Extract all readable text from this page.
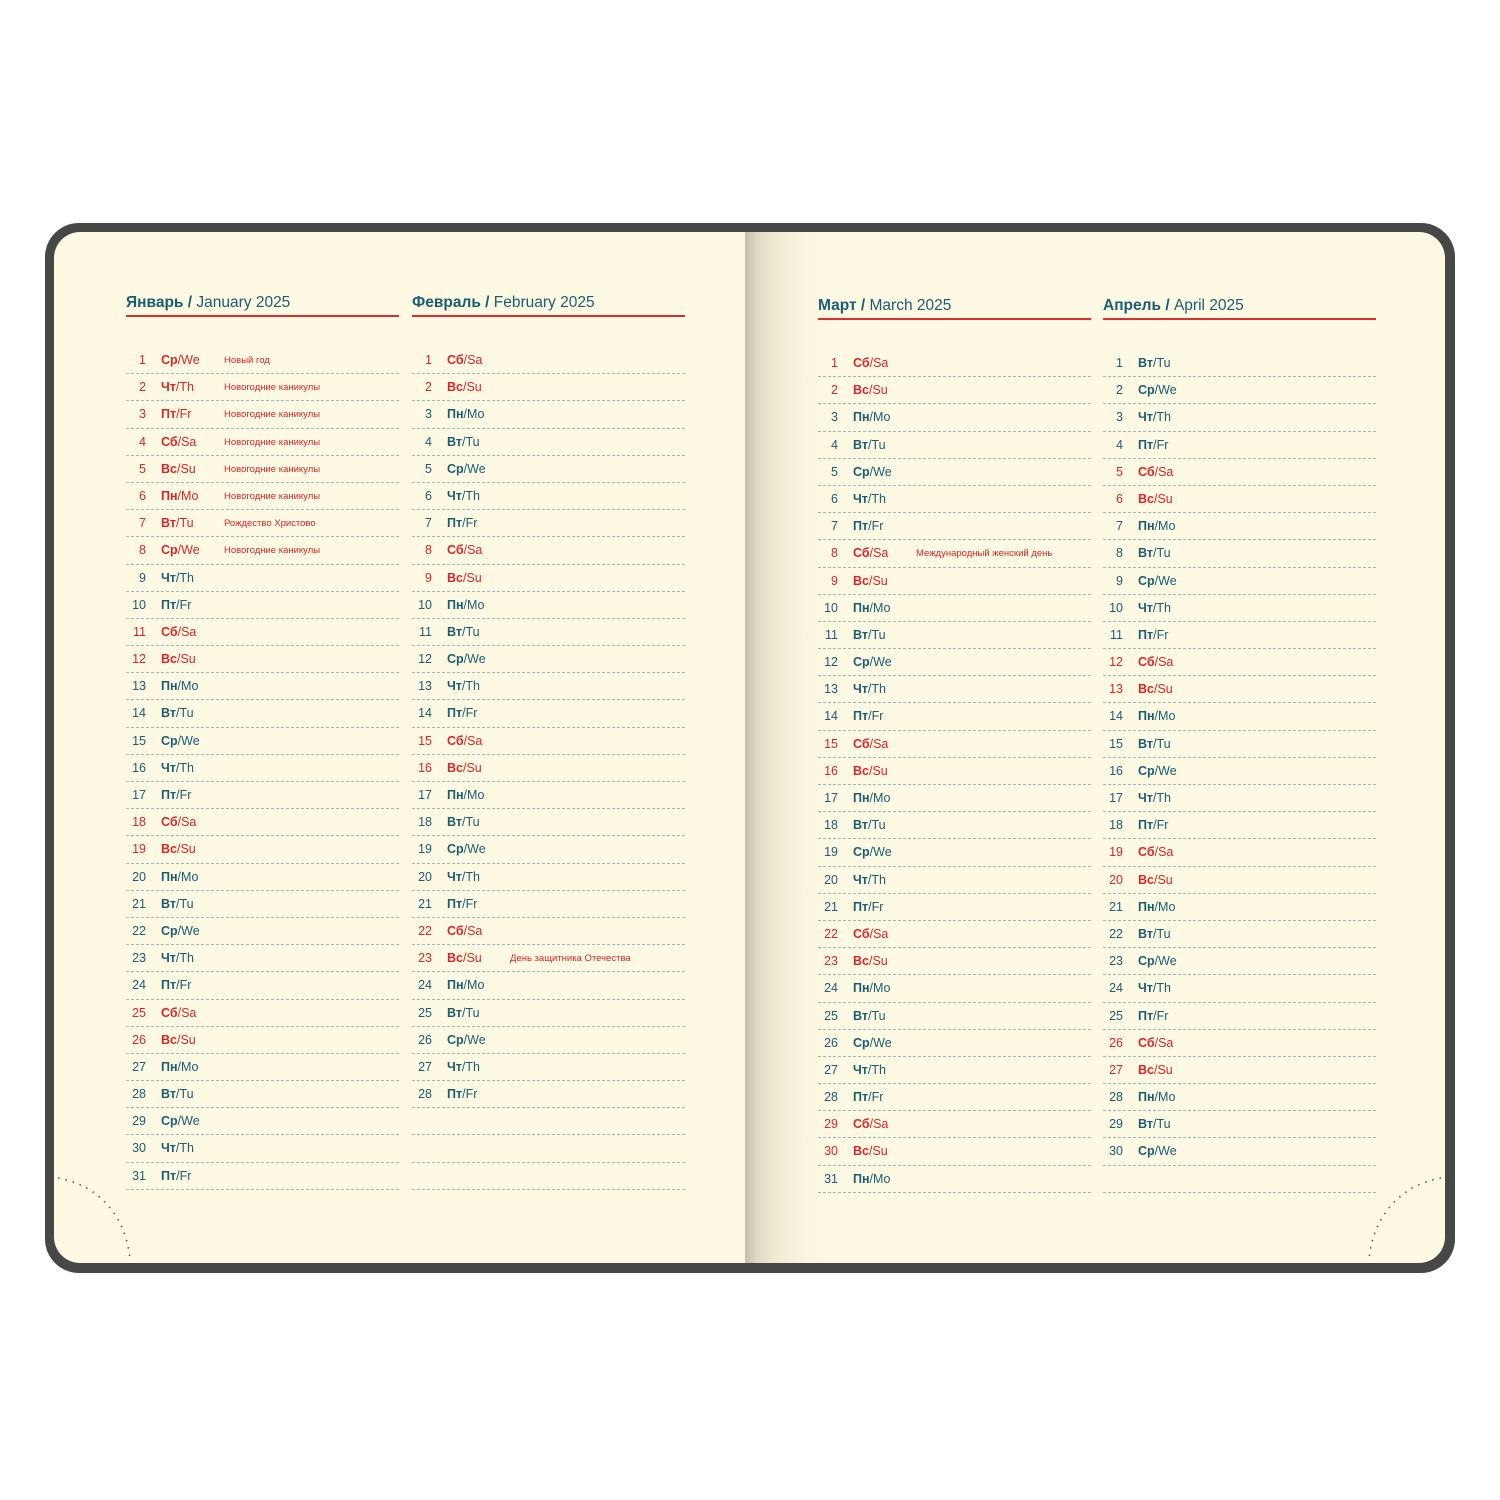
Январь / January 2025
1 Ср/We	Новый год
2 Чт/Th	Новогодние каникулы
3 Пт/Fr	Новогодние каникулы
4 Сб/Sa	Новогодние каникулы
5 Вс/Su	Новогодние каникулы
6 Пн/Mo	Новогодние каникулы
7 Вт/Tu	Рождество Христово
8 Ср/We	Новогодние каникулы
9 Чт/Th
10 Пт/Fr
11 Сб/Sa
12 Вс/Su
13 Пн/Mo
14 Вт/Tu
15 Ср/We
16 Чт/Th
17 Пт/Fr
18 Сб/Sa
19 Вс/Su
20 Пн/Mo
21 Вт/Tu
22 Ср/We
23 Чт/Th
24 Пт/Fr
25 Сб/Sa
26 Вс/Su
27 Пн/Mo
28 Вт/Tu
29 Ср/We
30 Чт/Th
31 Пт/Fr
Февраль / February 2025
1 Сб/Sa
2 Вс/Su
3 Пн/Mo
4 Вт/Tu
5 Ср/We
6 Чт/Th
7 Пт/Fr
8 Сб/Sa
9 Вс/Su
10 Пн/Mo
11 Вт/Tu
12 Ср/We
13 Чт/Th
14 Пт/Fr
15 Сб/Sa
16 Вс/Su
17 Пн/Mo
18 Вт/Tu
19 Ср/We
20 Чт/Th
21 Пт/Fr
22 Сб/Sa
23 Вс/Su	День защитника Отечества
24 Пн/Mo
25 Вт/Tu
26 Ср/We
27 Чт/Th
28 Пт/Fr
Март / March 2025
1 Сб/Sa
2 Вс/Su
3 Пн/Mo
4 Вт/Tu
5 Ср/We
6 Чт/Th
7 Пт/Fr
8 Сб/Sa	Международный женский день
9 Вс/Su
10 Пн/Mo
11 Вт/Tu
12 Ср/We
13 Чт/Th
14 Пт/Fr
15 Сб/Sa
16 Вс/Su
17 Пн/Mo
18 Вт/Tu
19 Ср/We
20 Чт/Th
21 Пт/Fr
22 Сб/Sa
23 Вс/Su
24 Пн/Mo
25 Вт/Tu
26 Ср/We
27 Чт/Th
28 Пт/Fr
29 Сб/Sa
30 Вс/Su
31 Пн/Mo
Апрель / April 2025
1 Вт/Tu
2 Ср/We
3 Чт/Th
4 Пт/Fr
5 Сб/Sa
6 Вс/Su
7 Пн/Mo
8 Вт/Tu
9 Ср/We
10 Чт/Th
11 Пт/Fr
12 Сб/Sa
13 Вс/Su
14 Пн/Mo
15 Вт/Tu
16 Ср/We
17 Чт/Th
18 Пт/Fr
19 Сб/Sa
20 Вс/Su
21 Пн/Mo
22 Вт/Tu
23 Ср/We
24 Чт/Th
25 Пт/Fr
26 Сб/Sa
27 Вс/Su
28 Пн/Mo
29 Вт/Tu
30 Ср/We
